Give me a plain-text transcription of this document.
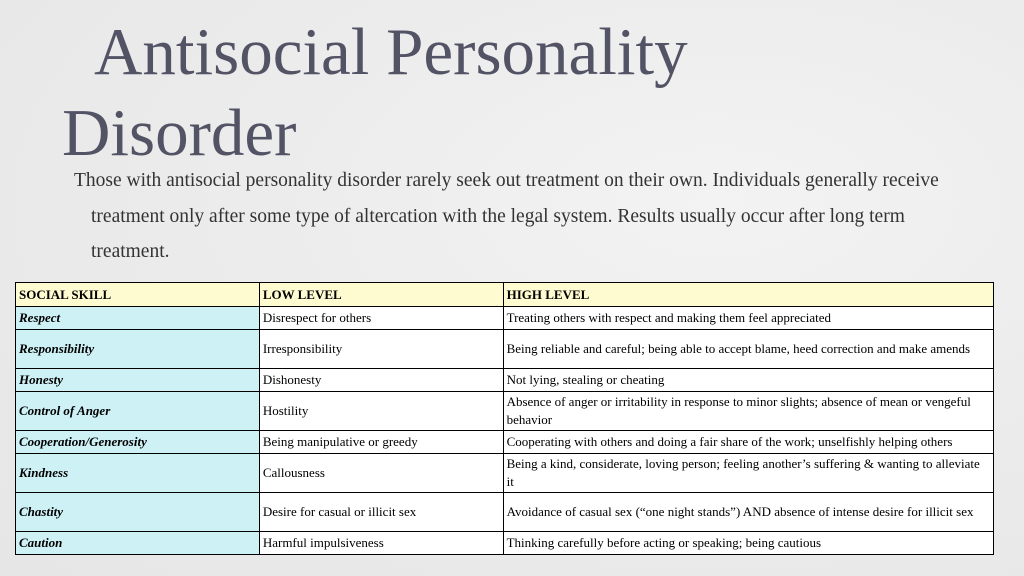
Antisocial Personality
Disorder

Those with antisocial personality disorder rarely seek out treatment on their own. Individuals generally receive treatment only after some type of altercation with the legal system. Results usually occur after long term treatment.

SOCIAL SKILL	LOW LEVEL	HIGH LEVEL
Respect	Disrespect for others	Treating others with respect and making them feel appreciated
Responsibility	Irresponsibility	Being reliable and careful; being able to accept blame, heed correction and make amends
Honesty	Dishonesty	Not lying, stealing or cheating
Control of Anger	Hostility	Absence of anger or irritability in response to minor slights; absence of mean or vengeful behavior
Cooperation/Generosity	Being manipulative or greedy	Cooperating with others and doing a fair share of the work; unselfishly helping others
Kindness	Callousness	Being a kind, considerate, loving person; feeling another’s suffering & wanting to alleviate it
Chastity	Desire for casual or illicit sex	Avoidance of casual sex (“one night stands”) AND absence of intense desire for illicit sex
Caution	Harmful impulsiveness	Thinking carefully before acting or speaking; being cautious
